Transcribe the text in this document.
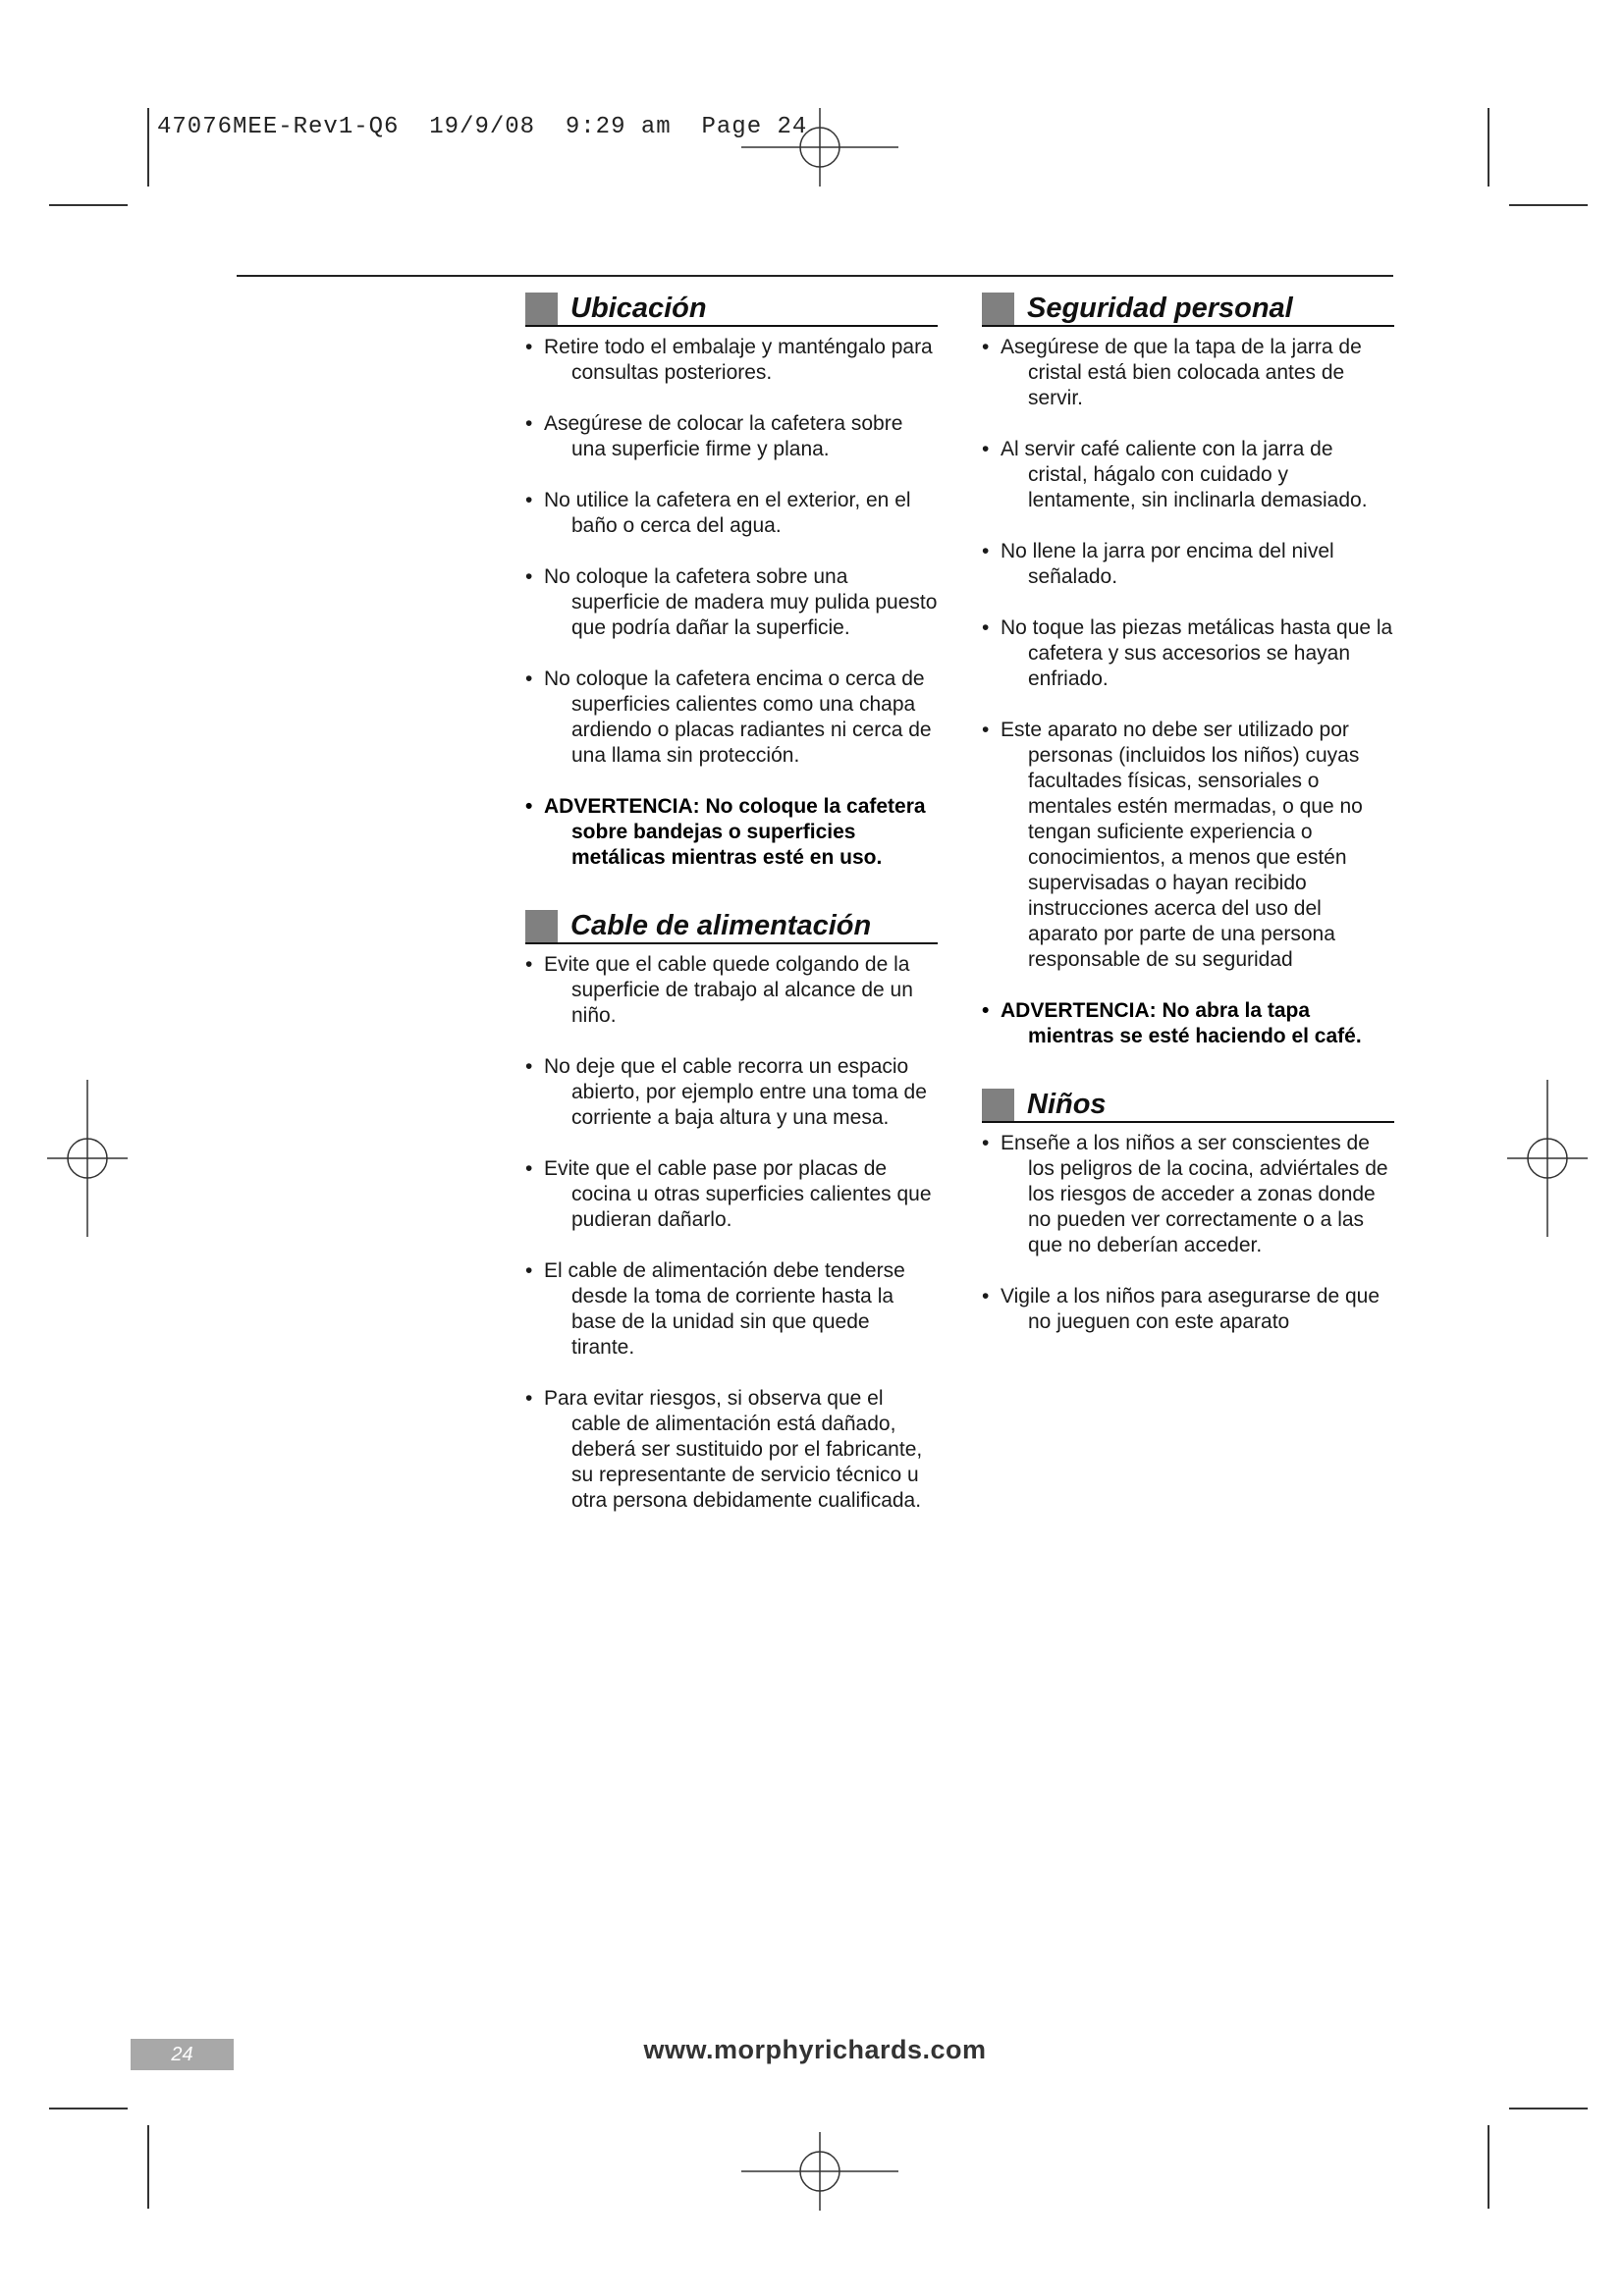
47076MEE-Rev1-Q6  19/9/08  9:29 am  Page 24
Ubicación
• Retire todo el embalaje y manténgalo para consultas posteriores.
• Asegúrese de colocar la cafetera sobre una superficie firme y plana.
• No utilice la cafetera en el exterior, en el baño o cerca del agua.
• No coloque la cafetera sobre una superficie de madera muy pulida puesto que podría dañar la superficie.
• No coloque la cafetera encima o cerca de superficies calientes como una chapa ardiendo o placas radiantes ni cerca de una llama sin protección.
• ADVERTENCIA: No coloque la cafetera sobre bandejas o superficies metálicas mientras esté en uso.
Cable de alimentación
• Evite que el cable quede colgando de la superficie de trabajo al alcance de un niño.
• No deje que el cable recorra un espacio abierto, por ejemplo entre una toma de corriente a baja altura y una mesa.
• Evite que el cable pase por placas de cocina u otras superficies calientes que pudieran dañarlo.
• El cable de alimentación debe tenderse desde la toma de corriente hasta la base de la unidad sin que quede tirante.
• Para evitar riesgos, si observa que el cable de alimentación está dañado, deberá ser sustituido por el fabricante, su representante de servicio técnico u otra persona debidamente cualificada.
Seguridad personal
• Asegúrese de que la tapa de la jarra de cristal está bien colocada antes de servir.
• Al servir café caliente con la jarra de cristal, hágalo con cuidado y lentamente, sin inclinarla demasiado.
• No llene la jarra por encima del nivel señalado.
• No toque las piezas metálicas hasta que la cafetera y sus accesorios se hayan enfriado.
• Este aparato no debe ser utilizado por personas (incluidos los niños) cuyas facultades físicas, sensoriales o mentales estén mermadas, o que no tengan suficiente experiencia o conocimientos, a menos que estén supervisadas o hayan recibido instrucciones acerca del uso del aparato por parte de una persona responsable de su seguridad
• ADVERTENCIA: No abra la tapa mientras se esté haciendo el café.
Niños
• Enseñe a los niños a ser conscientes de los peligros de la cocina, adviértales de los riesgos de acceder a zonas donde no pueden ver correctamente o a las que no deberían acceder.
• Vigile a los niños para asegurarse de que no jueguen con este aparato
24	www.morphyrichards.com
